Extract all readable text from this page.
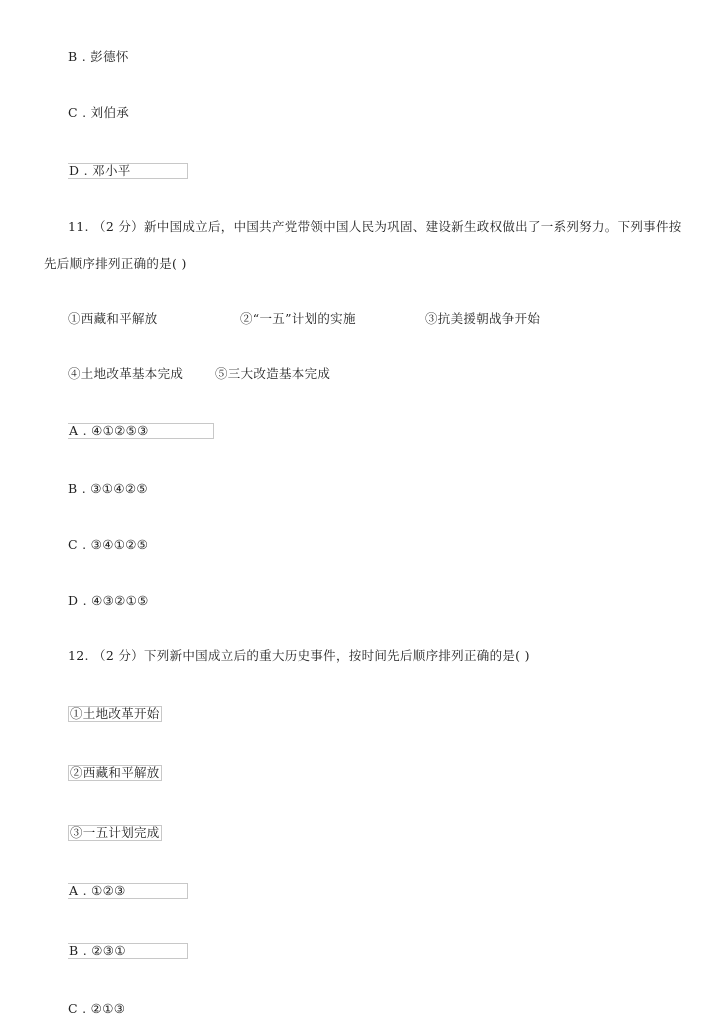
B . 彭德怀
C . 刘伯承
D . 邓小平
11. （2 分）新中国成立后，中国共产党带领中国人民为巩固、建设新生政权做出了一系列努力。下列事件按
先后顺序排列正确的是( )
①西藏和平解放	②“一五”计划的实施	③抗美援朝战争开始
④土地改革基本完成	⑤三大改造基本完成
A . ④①②⑤③
B . ③①④②⑤
C . ③④①②⑤
D . ④③②①⑤
12. （2 分）下列新中国成立后的重大历史事件，按时间先后顺序排列正确的是( )
①土地改革开始
②西藏和平解放
③一五计划完成
A . ①②③
B . ②③①
C . ②①③
